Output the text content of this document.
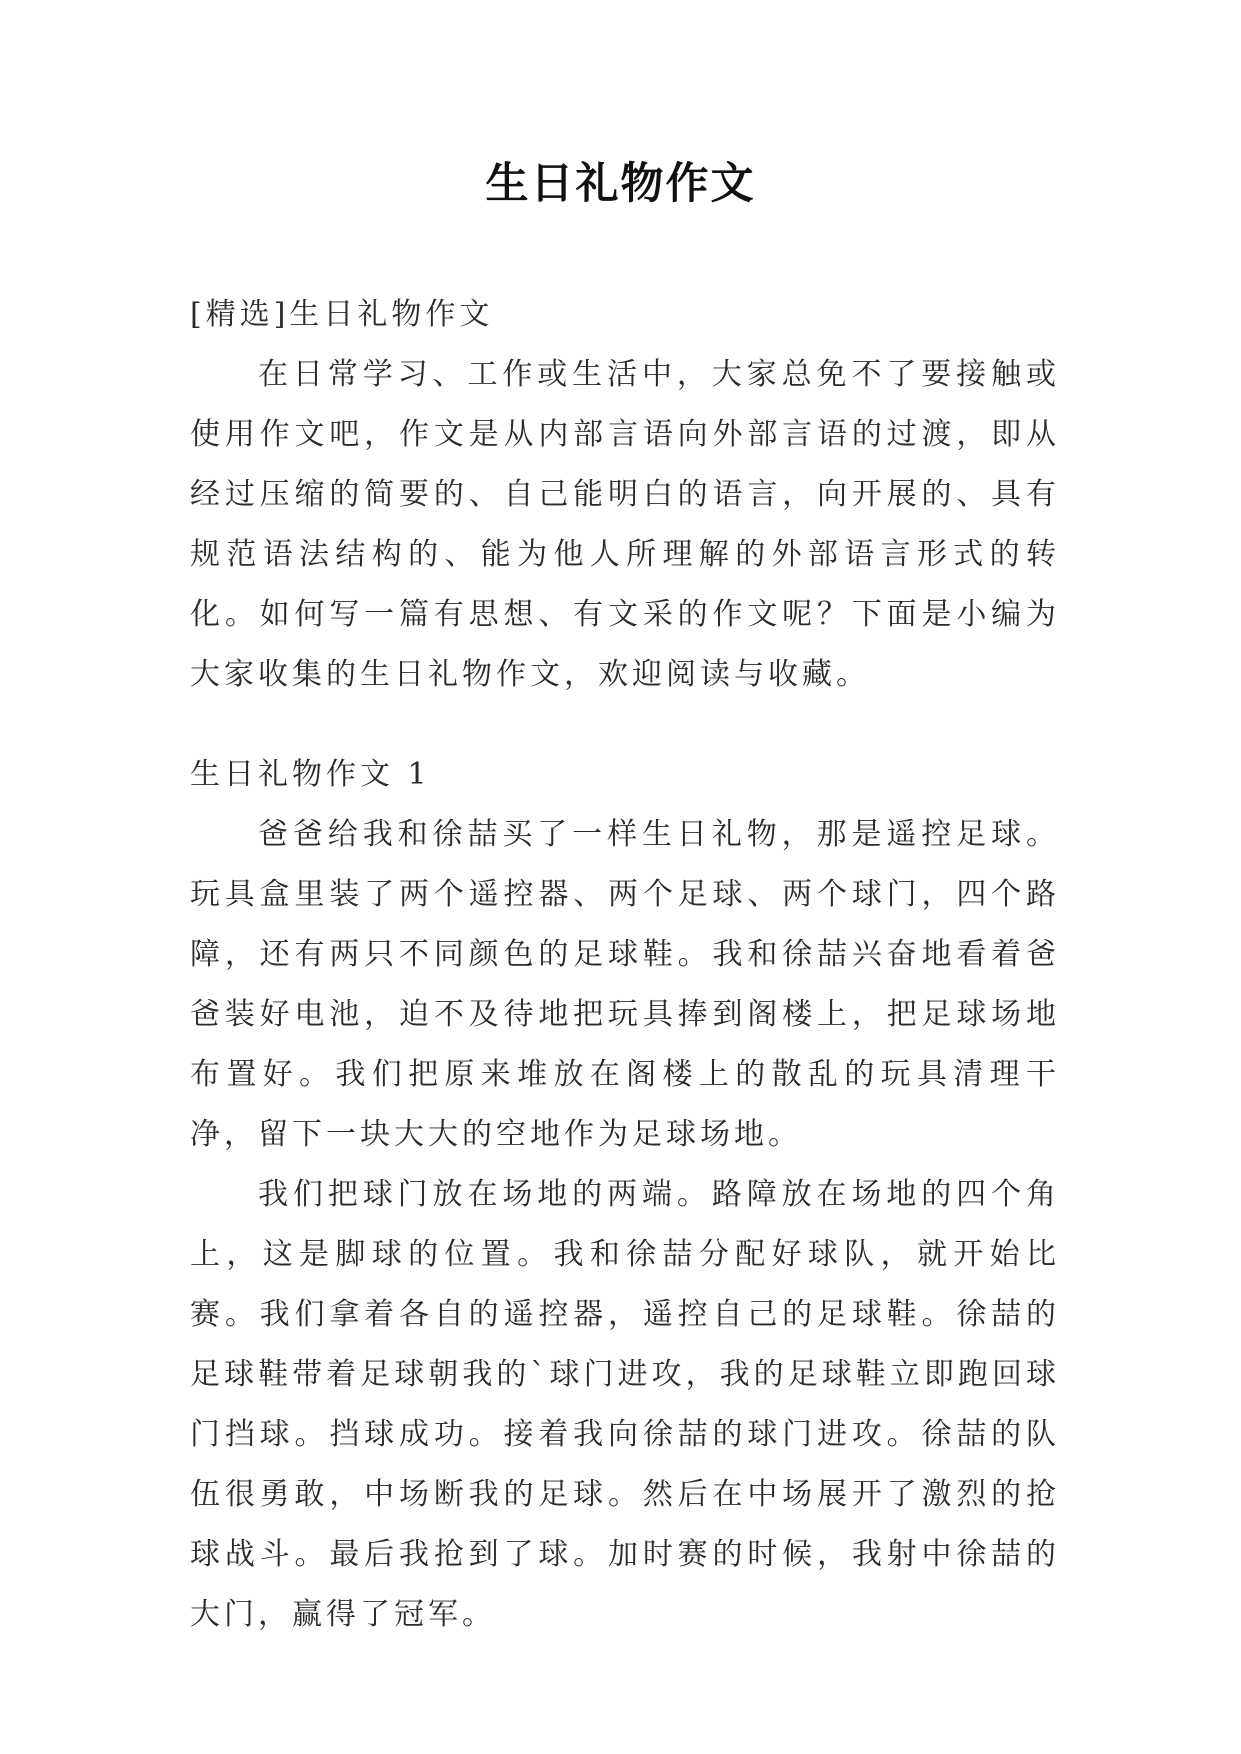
生日礼物作文
[精选]生日礼物作文

在日常学习、工作或生活中，大家总免不了要接触或使用作文吧，作文是从内部言语向外部言语的过渡，即从经过压缩的简要的、自己能明白的语言，向开展的、具有规范语法结构的、能为他人所理解的外部语言形式的转化。如何写一篇有思想、有文采的作文呢？下面是小编为大家收集的生日礼物作文，欢迎阅读与收藏。

生日礼物作文 1

爸爸给我和徐喆买了一样生日礼物，那是遥控足球。玩具盒里装了两个遥控器、两个足球、两个球门，四个路障，还有两只不同颜色的足球鞋。我和徐喆兴奋地看着爸爸装好电池，迫不及待地把玩具捧到阁楼上，把足球场地布置好。我们把原来堆放在阁楼上的散乱的玩具清理干净，留下一块大大的空地作为足球场地。

我们把球门放在场地的两端。路障放在场地的四个角上，这是脚球的位置。我和徐喆分配好球队，就开始比赛。我们拿着各自的遥控器，遥控自己的足球鞋。徐喆的足球鞋带着足球朝我的`球门进攻，我的足球鞋立即跑回球门挡球。挡球成功。接着我向徐喆的球门进攻。徐喆的队伍很勇敢，中场断我的足球。然后在中场展开了激烈的抢球战斗。最后我抢到了球。加时赛的时候，我射中徐喆的大门，赢得了冠军。
